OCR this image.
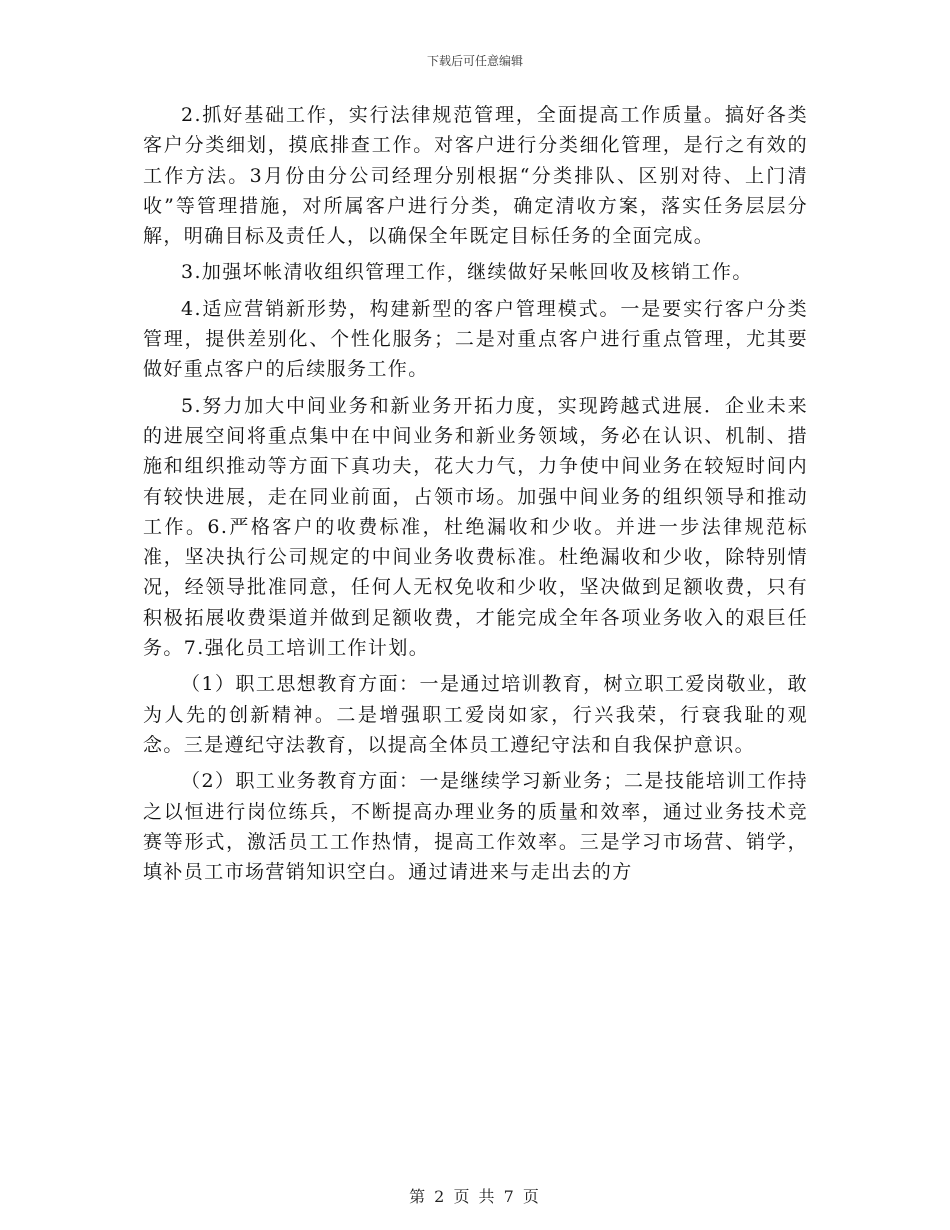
下载后可任意编辑

2.抓好基础工作，实行法律规范管理，全面提高工作质量。搞好各类客户分类细划，摸底排查工作。对客户进行分类细化管理，是行之有效的工作方法。3月份由分公司经理分别根据“分类排队、区别对待、上门清收”等管理措施，对所属客户进行分类，确定清收方案，落实任务层层分解，明确目标及责任人，以确保全年既定目标任务的全面完成。

3.加强坏帐清收组织管理工作，继续做好呆帐回收及核销工作。

4.适应营销新形势，构建新型的客户管理模式。一是要实行客户分类管理，提供差别化、个性化服务；二是对重点客户进行重点管理，尤其要做好重点客户的后续服务工作。

5.努力加大中间业务和新业务开拓力度，实现跨越式进展．企业未来的进展空间将重点集中在中间业务和新业务领域，务必在认识、机制、措施和组织推动等方面下真功夫，花大力气，力争使中间业务在较短时间内有较快进展，走在同业前面，占领市场。加强中间业务的组织领导和推动工作。6.严格客户的收费标准，杜绝漏收和少收。并进一步法律规范标准，坚决执行公司规定的中间业务收费标准。杜绝漏收和少收，除特别情况，经领导批准同意，任何人无权免收和少收，坚决做到足额收费，只有积极拓展收费渠道并做到足额收费，才能完成全年各项业务收入的艰巨任务。7.强化员工培训工作计划。

（1）职工思想教育方面：一是通过培训教育，树立职工爱岗敬业，敢为人先的创新精神。二是增强职工爱岗如家，行兴我荣，行衰我耻的观念。三是遵纪守法教育，以提高全体员工遵纪守法和自我保护意识。

（2）职工业务教育方面：一是继续学习新业务；二是技能培训工作持之以恒进行岗位练兵，不断提高办理业务的质量和效率，通过业务技术竞赛等形式，激活员工工作热情，提高工作效率。三是学习市场营、销学，填补员工市场营销知识空白。通过请进来与走出去的方

第 2 页 共 7 页
